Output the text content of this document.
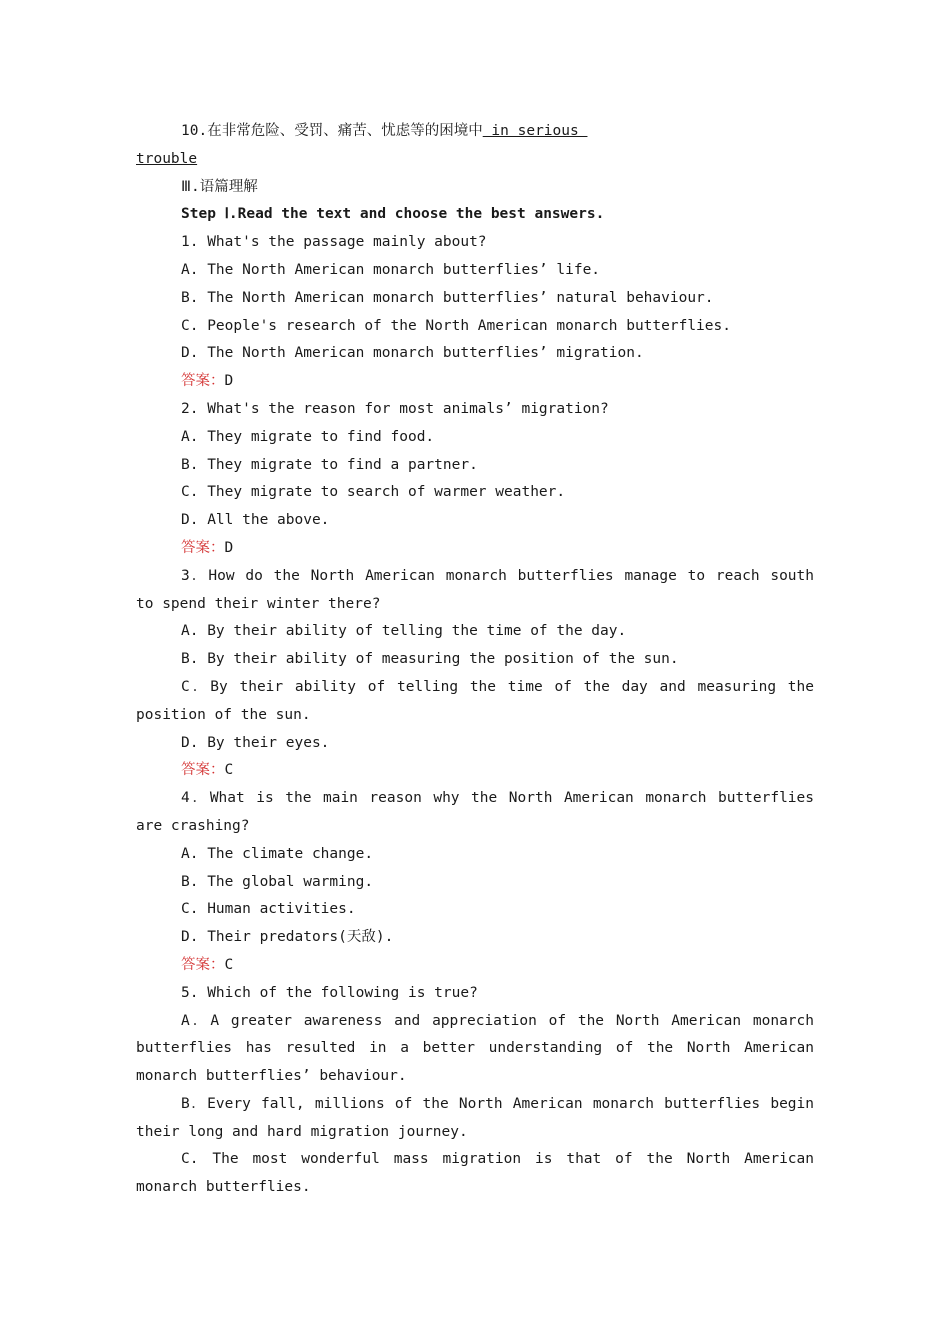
10.在非常危险、受罚、痛苦、忧虑等的困境中 in serious
trouble
Ⅲ.语篇理解
Step Ⅰ.Read the text and choose the best answers.
1. What's the passage mainly about?
A. The North American monarch butterflies’ life.
B. The North American monarch butterflies’ natural behaviour.
C. People's research of the North American monarch butterflies.
D. The North American monarch butterflies’ migration.
答案：D
2. What's the reason for most animals’ migration?
A. They migrate to find food.
B. They migrate to find a partner.
C. They migrate to search of warmer weather.
D. All the above.
答案：D
3．How do the North American monarch butterflies manage to reach south to spend their winter there?
A. By their ability of telling the time of the day.
B. By their ability of measuring the position of the sun.
C．By their ability of telling the time of the day and measuring the position of the sun.
D. By their eyes.
答案：C
4．What is the main reason why the North American monarch butterflies are crashing?
A. The climate change.
B. The global warming.
C. Human activities.
D. Their predators(天敌).
答案：C
5. Which of the following is true?
A．A greater awareness and appreciation of the North American monarch butterflies has resulted in a better understanding of the North American monarch butterflies’ behaviour.
B．Every fall, millions of the North American monarch butterflies begin their long and hard migration journey.
C. The most wonderful mass migration is that of the North American monarch butterflies.
